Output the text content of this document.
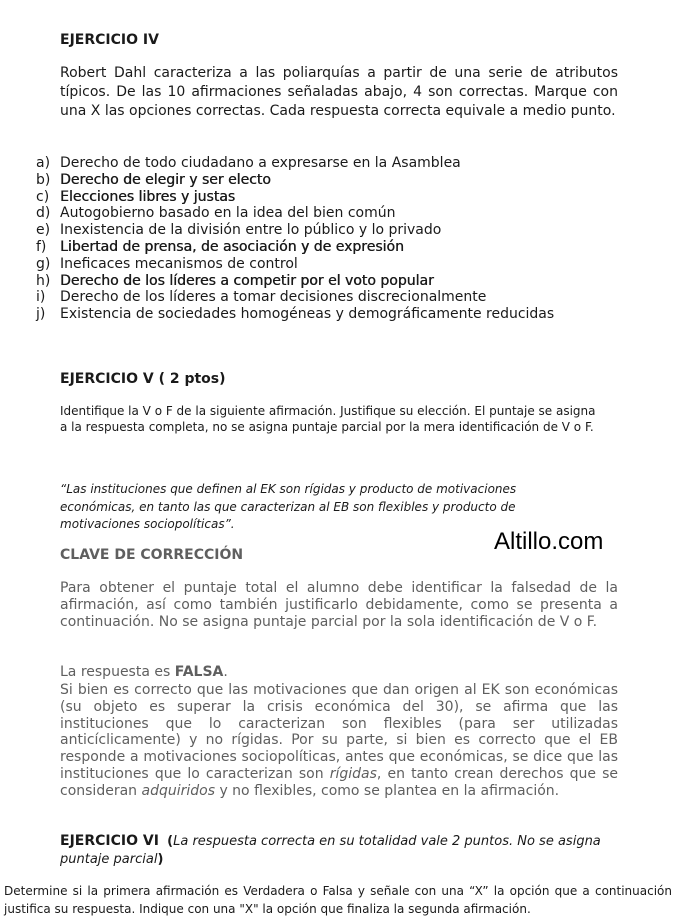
EJERCICIO IV
Robert Dahl caracteriza a las poliarquías a partir de una serie de atributos típicos. De las 10 afirmaciones señaladas abajo, 4 son correctas. Marque con una X las opciones correctas. Cada respuesta correcta equivale a medio punto.
a) Derecho de todo ciudadano a expresarse en la Asamblea
b) Derecho de elegir y ser electo
c) Elecciones libres y justas
d) Autogobierno basado en la idea del bien común
e) Inexistencia de la división entre lo público y lo privado
f) Libertad de prensa, de asociación y de expresión
g) Ineficaces mecanismos de control
h) Derecho de los líderes a competir por el voto popular
i)	Derecho de los líderes a tomar decisiones discrecionalmente
j)	Existencia de sociedades homogéneas y demográficamente reducidas
EJERCICIO V ( 2 ptos)
Identifique la V o F de la siguiente afirmación. Justifique su elección. El puntaje se asigna a la respuesta completa, no se asigna puntaje parcial por la mera identificación de V o F.
“Las instituciones que definen al EK son rígidas y producto de motivaciones económicas, en tanto las que caracterizan al EB son flexibles y producto de motivaciones sociopolíticas”.
CLAVE DE CORRECCIÓN	Altillo.com
Para obtener el puntaje total el alumno debe identificar la falsedad de la afirmación, así como también justificarlo debidamente, como se presenta a continuación. No se asigna puntaje parcial por la sola identificación de V o F.
La respuesta es FALSA.
Si bien es correcto que las motivaciones que dan origen al EK son económicas (su objeto es superar la crisis económica del 30), se afirma que las instituciones que lo caracterizan son flexibles (para ser utilizadas anticíclicamente) y no rígidas. Por su parte, si bien es correcto que el EB responde a motivaciones sociopolíticas, antes que económicas, se dice que las instituciones que lo caracterizan son rígidas, en tanto crean derechos que se consideran adquiridos y no flexibles, como se plantea en la afirmación.
EJERCICIO VI (La respuesta correcta en su totalidad vale 2 puntos. No se asigna puntaje parcial)
Determine si la primera afirmación es Verdadera o Falsa y señale con una “X” la opción que a continuación justifica su respuesta. Indique con una "X" la opción que finaliza la segunda afirmación.
